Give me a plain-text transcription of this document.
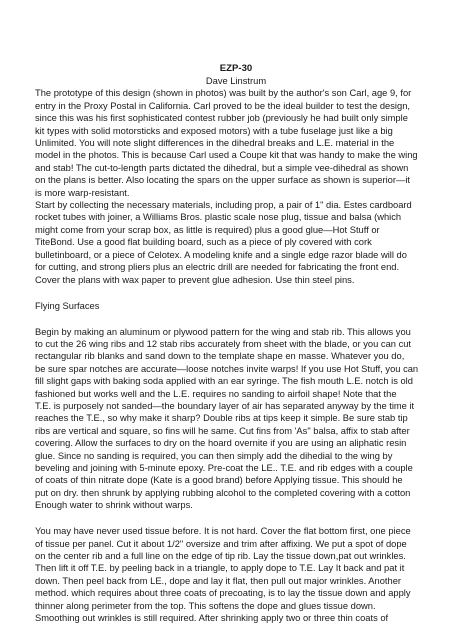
EZP-30
Dave Linstrum
The prototype of this design (shown in photos) was built by the author's son Carl, age 9, for
entry in the Proxy Postal in California. Carl proved to be the ideal builder to test the design,
since this was his first sophisticated contest rubber job (previously he had built only simple
kit types with solid motorsticks and exposed motors) with a tube fuselage just like a big
Unlimited. You will note slight differences in the dihedral breaks and L.E. material in the
model in the photos. This is because Carl used a Coupe kit that was handy to make the wing
and stab! The cut-to-length parts dictated the dihedral, but a simple vee-dihedral as shown
on the plans is better. Also locating the spars on the upper surface as shown is superior—it
is more warp-resistant.
Start by collecting the necessary materials, including prop, a pair of 1" dia. Estes cardboard
rocket tubes with joiner, a Williams Bros. plastic scale nose plug, tissue and balsa (which
might come from your scrap box, as little is required) plus a good glue—Hot Stuff or
TiteBond. Use a good flat building board, such as a piece of ply covered with cork
bulletinboard, or a piece of Celotex. A modeling knife and a single edge razor blade will do
for cutting, and strong pliers plus an electric drill are needed for fabricating the front end.
Cover the plans with wax paper to prevent glue adhesion. Use thin steel pins.
Flying Surfaces
Begin by making an aluminum or plywood pattern for the wing and stab rib. This allows you
to cut the 26 wing ribs and 12 stab ribs accurately from sheet with the blade, or you can cut
rectangular rib blanks and sand down to the template shape en masse. Whatever you do,
be sure spar notches are accurate—loose notches invite warps! If you use Hot Stuff, you can
fill slight gaps with baking soda applied with an ear syringe. The fish mouth L.E. notch is old
fashioned but works well and the L.E. requires no sanding to airfoil shape! Note that the
T.E. is purposely not sanded—the boundary layer of air has separated anyway by the time it
reaches the T.E., so why make it sharp? Double ribs at tips keep it simple. Be sure stab tip
ribs are vertical and square, so fins will he same. Cut fins from 'As" balsa, affix to stab after
covering. Allow the surfaces to dry on the hoard overnite if you are using an aliphatic resin
glue. Since no sanding is required, you can then simply add the dihedial to the wing by
beveling and joining with 5-minute epoxy. Pre-coat the LE.. T.E. and rib edges with a couple
of coats of thin nitrate dope (Kate is a good brand) before Applying tissue. This should he
put on dry. then shrunk by applying rubbing alcohol to the completed covering with a cotton
Enough water to shrink without warps.
You may have never used tissue before. It is not hard. Cover the flat bottom first, one piece
of tissue per panel. Cut it about 1/2" oversize and trim after affixing. We put a spot of dope
on the center rib and a full line on the edge of tip rib. Lay the tissue down,pat out wrinkles.
Then lift it off T.E. by peeling back in a triangle, to apply dope to T.E. Lay It back and pat it
down. Then peel back from LE., dope and lay it flat, then pull out major wrinkles. Another
method. which requires about three coats of precoating, is to lay the tissue down and apply
thinner along perimeter from the top. This softens the dope and glues tissue down.
Smoothing out wrinkles is still required. After shrinking apply two or three thin coats of
